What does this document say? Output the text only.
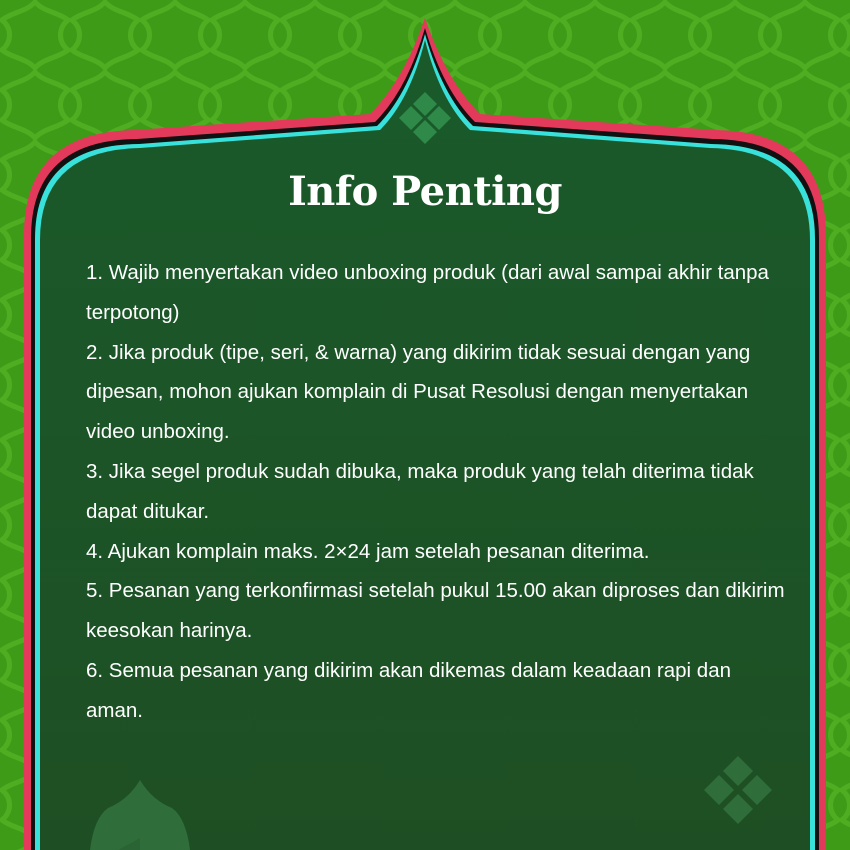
Info Penting

1. Wajib menyertakan video unboxing produk (dari awal sampai akhir tanpa terpotong)

2. Jika produk (tipe, seri, & warna) yang dikirim tidak sesuai dengan yang dipesan, mohon ajukan komplain di Pusat Resolusi dengan menyertakan video unboxing.

3. Jika segel produk sudah dibuka, maka produk yang telah diterima tidak dapat ditukar.

4. Ajukan komplain maks. 2×24 jam setelah pesanan diterima.

5. Pesanan yang terkonfirmasi setelah pukul 15.00 akan diproses dan dikirim keesokan harinya.

6. Semua pesanan yang dikirim akan dikemas dalam keadaan rapi dan aman.
